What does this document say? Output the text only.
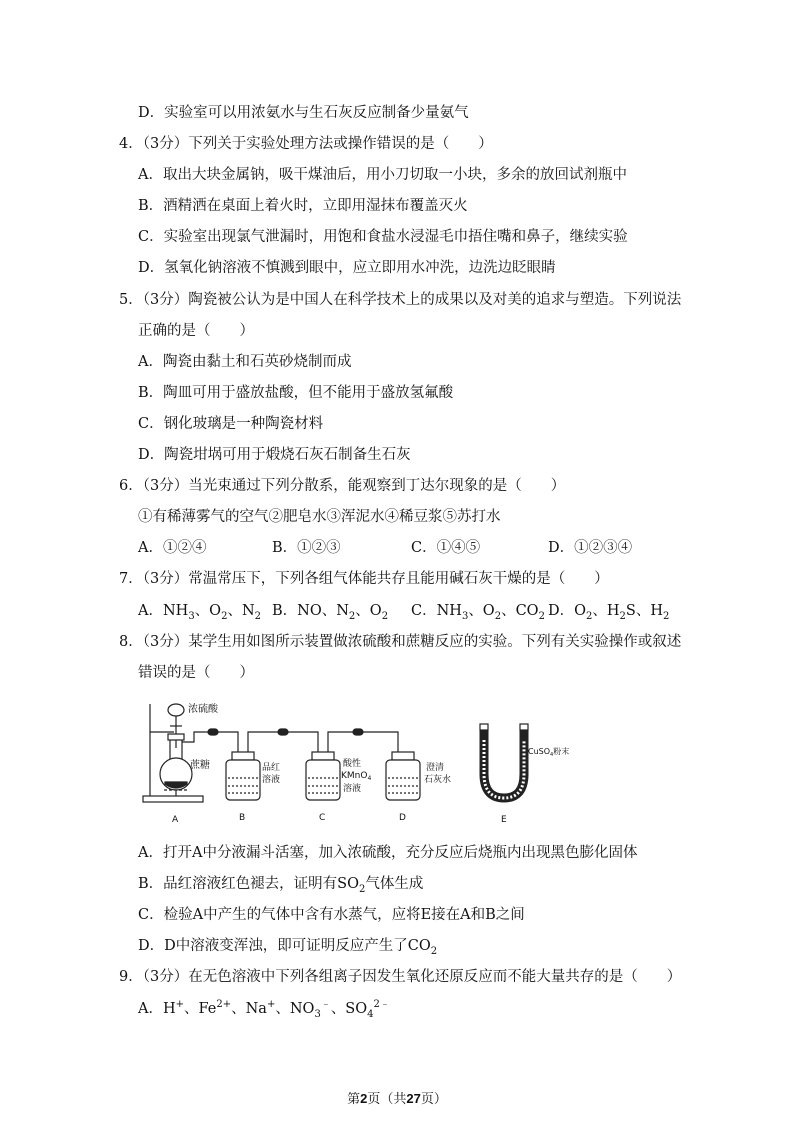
D．实验室可以用浓氨水与生石灰反应制备少量氨气
4．（3分）下列关于实验处理方法或操作错误的是（　　）
A．取出大块金属钠，吸干煤油后，用小刀切取一小块，多余的放回试剂瓶中
B．酒精洒在桌面上着火时，立即用湿抹布覆盖灭火
C．实验室出现氯气泄漏时，用饱和食盐水浸湿毛巾捂住嘴和鼻子，继续实验
D．氢氧化钠溶液不慎溅到眼中，应立即用水冲洗，边洗边眨眼睛
5．（3分）陶瓷被公认为是中国人在科学技术上的成果以及对美的追求与塑造。下列说法
正确的是（　　）
A．陶瓷由黏土和石英砂烧制而成
B．陶皿可用于盛放盐酸，但不能用于盛放氢氟酸
C．钢化玻璃是一种陶瓷材料
D．陶瓷坩埚可用于煅烧石灰石制备生石灰
6．（3分）当光束通过下列分散系，能观察到丁达尔现象的是（　　）
①有稀薄雾气的空气②肥皂水③浑泥水④稀豆浆⑤苏打水
A．①②④	B．①②③	C．①④⑤	D．①②③④
7．（3分）常温常压下，下列各组气体能共存且能用碱石灰干燥的是（　　）
A．$NH_3$、$O_2$、$N_2$ B．NO、$N_2$、$O_2$ C．$NH_3$、$O_2$、$CO_2$ D．$O_2$、$H_2S$、$H_2$
8．（3分）某学生用如图所示装置做浓硫酸和蔗糖反应的实验。下列有关实验操作或叙述
错误的是（　　）
浓硫酸
蔗糖	品红
溶液
酸性
KMnO$_4$
溶液
澄清
石灰水
CuSO$_4$粉末
A	B	C	D	E
A．打开A中分液漏斗活塞，加入浓硫酸，充分反应后烧瓶内出现黑色膨化固体
B．品红溶液红色褪去，证明有$SO_2$气体生成
C．检验A中产生的气体中含有水蒸气，应将E接在A和B之间
D．D中溶液变浑浊，即可证明反应产生了$CO_2$
9．（3分）在无色溶液中下列各组离子因发生氧化还原反应而不能大量共存的是（　　）
A．H+、$Fe^{2+}$、Na+、$NO_3^﹣$、$SO_4^{2﹣}$
第2页（共27页）
